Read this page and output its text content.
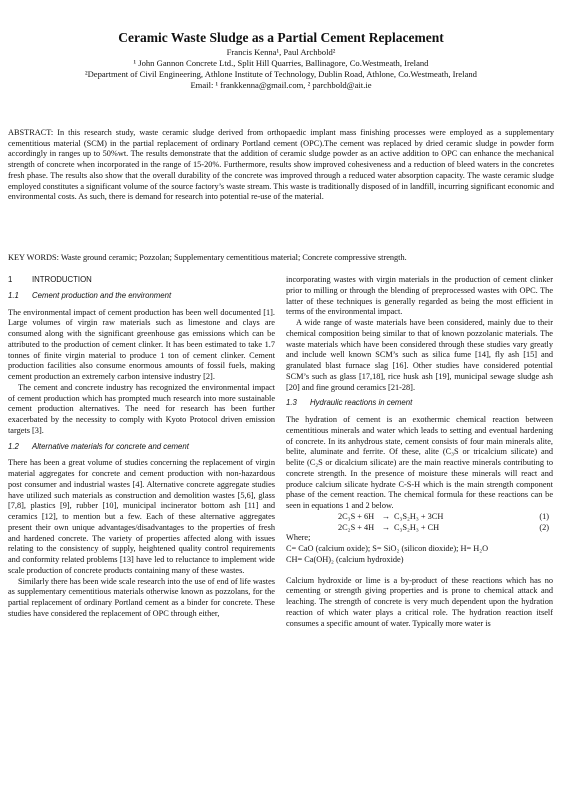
Ceramic Waste Sludge as a Partial Cement Replacement
Francis Kenna¹, Paul Archbold²
¹ John Gannon Concrete Ltd., Split Hill Quarries, Ballinagore, Co.Westmeath, Ireland
²Department of Civil Engineering, Athlone Institute of Technology, Dublin Road, Athlone, Co.Westmeath, Ireland
Email: ¹ frankkenna@gmail.com, ² parchbold@ait.ie
ABSTRACT: In this research study, waste ceramic sludge derived from orthopaedic implant mass finishing processes were employed as a supplementary cementitious material (SCM) in the partial replacement of ordinary Portland cement (OPC).The cement was replaced by dried ceramic sludge in powder form accordingly in ranges up to 50%wt. The results demonstrate that the addition of ceramic sludge powder as an active addition to OPC can enhance the mechanical strength of concrete when incorporated in the range of 15-20%. Furthermore, results show improved cohesiveness and a reduction of bleed waters in the concretes fresh phase. The results also show that the overall durability of the concrete was improved through a reduced water absorption capacity. The waste ceramic sludge employed constitutes a significant volume of the source factory’s waste stream. This waste is traditionally disposed of in landfill, incurring significant economic and environmental costs. As such, there is demand for research into potential re-use of the material.
KEY WORDS: Waste ground ceramic; Pozzolan; Supplementary cementitious material; Concrete compressive strength.
1	INTRODUCTION
1.1 Cement production and the environment

The environmental impact of cement production has been well documented [1]. Large volumes of virgin raw materials such as limestone and clays are consumed along with the significant greenhouse gas emissions which can be attributed to the production of cement clinker. It has been estimated to take 1.7 tonnes of finite virgin material to produce 1 ton of cement clinker. Cement production facilities also consume enormous amounts of fossil fuels, making cement production an extremely carbon intensive industry [2].

The cement and concrete industry has recognized the environmental impact of cement production which has prompted much research into more sustainable cement production alternatives. The need for research has been further exacerbated by the necessity to comply with Kyoto Protocol driven emission targets [3].

1.2 Alternative materials for concrete and cement

There has been a great volume of studies concerning the replacement of virgin material aggregates for concrete and cement production with non-hazardous post consumer and industrial wastes [4]. Alternative concrete aggregate studies have utilized such materials as construction and demolition wastes [5,6], glass [7,8], plastics [9], rubber [10], municipal incinerator bottom ash [11] and ceramics [12], to mention but a few. Each of these alternative aggregates present their own unique advantages/disadvantages to the properties of fresh and hardened concrete. The variety of properties affected along with issues relating to the consistency of supply, heightened quality control requirements and conformity related problems [13] have led to reluctance to implement wide scale production of concrete products containing many of these wastes.

Similarly there has been wide scale research into the use of end of life wastes as supplementary cementitious materials otherwise known as pozzolans, for the partial replacement of ordinary Portland cement as a binder for concrete. These studies have considered the replacement of OPC through either,

incorporating wastes with virgin materials in the production of cement clinker prior to milling or through the blending of preprocessed wastes with OPC. The latter of these techniques is generally regarded as being the most efficient in terms of the environmental impact.

A wide range of waste materials have been considered, mainly due to their chemical composition being similar to that of known pozzolanic materials. The waste materials which have been considered through these studies vary greatly and include well known SCM’s such as silica fume [14], fly ash [15] and granulated blast furnace slag [16]. Other studies have considered potential SCM’s such as glass [17,18], rice husk ash [19], municipal sewage sludge ash [20] and fine ground ceramics [21-28].

1.3 Hydraulic reactions in cement

The hydration of cement is an exothermic chemical reaction between cementitious minerals and water which leads to setting and eventual hardening of concrete. In its anhydrous state, cement consists of four main minerals alite, belite, aluminate and ferrite. Of these, alite (C₃S or tricalcium silicate) and belite (C₂S or dicalcium silicate) are the main reactive minerals contributing to concrete strength. In the presence of moisture these minerals will react and produce calcium silicate hydrate C-S-H which is the main strength component phase of the cement reaction. The chemical formula for these reactions can be seen in equations 1 and 2 below.

2C₃S + 6H → C₃S₂H₃ + 3CH	(1)
2C₂S + 4H → C₃S₂H₃ + CH	(2)

Where;

C= CaO (calcium oxide); S= SiO₂ (silicon dioxide); H= H₂O

CH= Ca(OH)₂ (calcium hydroxide)

Calcium hydroxide or lime is a by-product of these reactions which has no cementing or strength giving properties and is prone to chemical attack and leaching. The strength of concrete is very much dependent upon the hydration reaction of which water plays a critical role. The hydration reaction itself consumes a specific amount of water. Typically more water is
